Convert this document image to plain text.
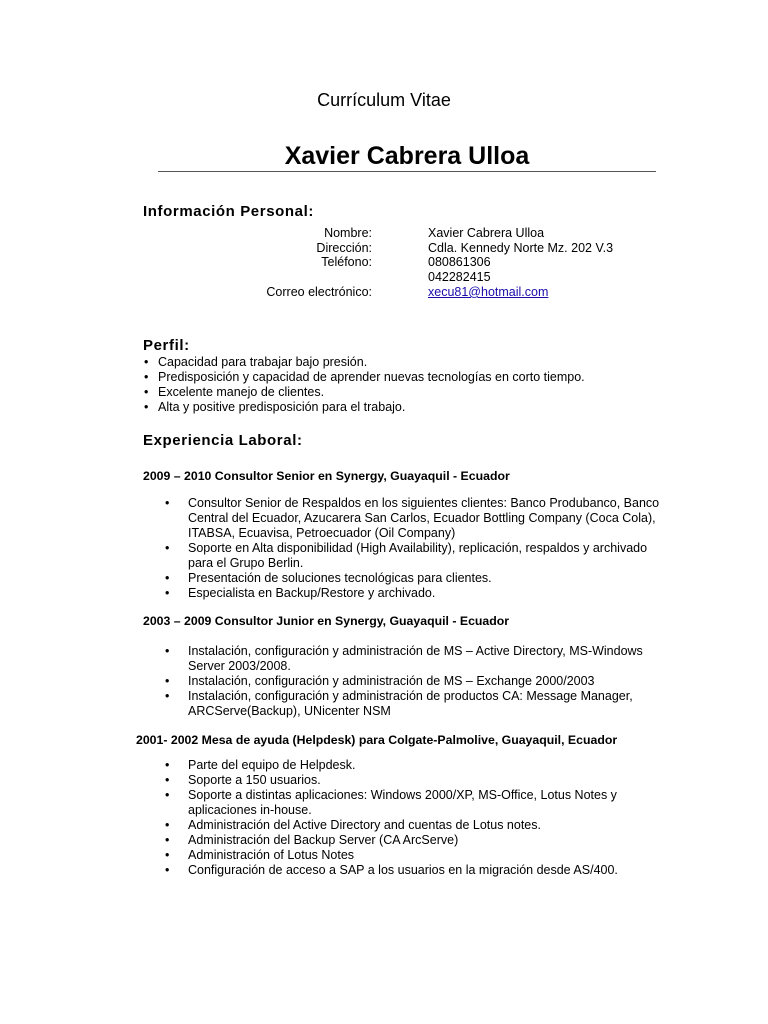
Currículum Vitae
Xavier Cabrera Ulloa
Información Personal:
Nombre:	Xavier Cabrera Ulloa
Dirección:	Cdla. Kennedy Norte Mz. 202 V.3
Teléfono:	080861306
042282415
Correo electrónico:	xecu81@hotmail.com
Perfil:
• Capacidad para trabajar bajo presión.
• Predisposición y capacidad de aprender nuevas tecnologías en corto tiempo.
• Excelente manejo de clientes.
• Alta y positive predisposición para el trabajo.
Experiencia Laboral:
2009 – 2010 Consultor Senior en Synergy, Guayaquil - Ecuador
• Consultor Senior de Respaldos en los siguientes clientes: Banco Produbanco, Banco Central del Ecuador, Azucarera San Carlos, Ecuador Bottling Company (Coca Cola), ITABSA, Ecuavisa, Petroecuador (Oil Company)
• Soporte en Alta disponibilidad (High Availability), replicación, respaldos y archivado para el Grupo Berlin.
• Presentación de soluciones tecnológicas para clientes.
• Especialista en Backup/Restore y archivado.
2003 – 2009 Consultor Junior en Synergy, Guayaquil - Ecuador
• Instalación, configuración y administración de MS – Active Directory, MS-Windows Server 2003/2008.
• Instalación, configuración y administración de MS – Exchange 2000/2003
• Instalación, configuración y administración de productos CA: Message Manager, ARCServe(Backup), UNicenter NSM
2001- 2002 Mesa de ayuda (Helpdesk) para Colgate-Palmolive, Guayaquil, Ecuador
• Parte del equipo de Helpdesk.
• Soporte a 150 usuarios.
• Soporte a distintas aplicaciones: Windows 2000/XP, MS-Office, Lotus Notes y aplicaciones in-house.
• Administración del Active Directory and cuentas de Lotus notes.
• Administración del Backup Server (CA ArcServe)
• Administración of Lotus Notes
• Configuración de acceso a SAP a los usuarios en la migración desde AS/400.
